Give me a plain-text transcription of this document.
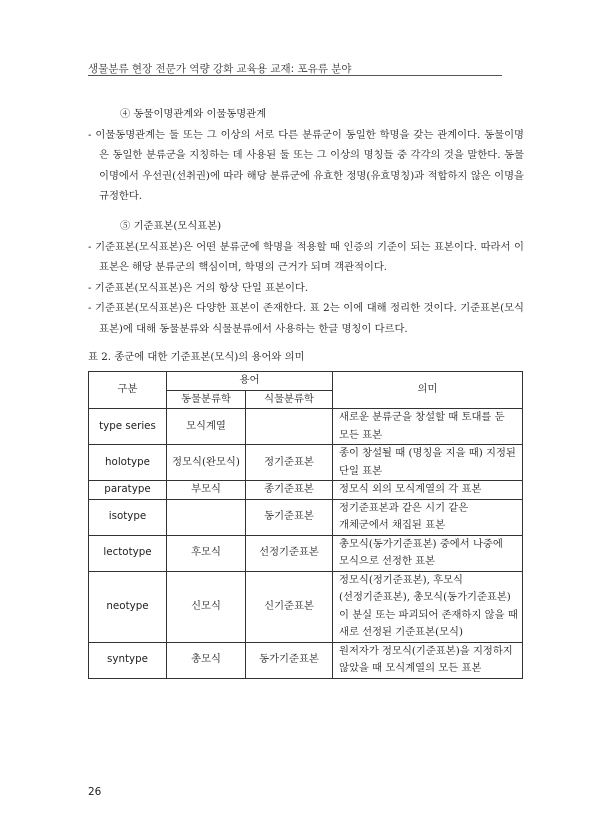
생물분류 현장 전문가 역량 강화 교육용 교재: 포유류 분야
④ 동물이명관계와 이물동명관계
- 이물동명관계는 둘 또는 그 이상의 서로 다른 분류군이 동일한 학명을 갖는 관계이다. 동물이명은 동일한 분류군을 지칭하는 데 사용된 둘 또는 그 이상의 명칭들 중 각각의 것을 말한다. 동물이명에서 우선권(선취권)에 따라 해당 분류군에 유효한 정명(유효명칭)과 적합하지 않은 이명을 규정한다.
⑤ 기준표본(모식표본)
- 기준표본(모식표본)은 어떤 분류군에 학명을 적용할 때 인증의 기준이 되는 표본이다. 따라서 이 표본은 해당 분류군의 핵심이며, 학명의 근거가 되며 객관적이다.
- 기준표본(모식표본)은 거의 항상 단일 표본이다.
- 기준표본(모식표본)은 다양한 표본이 존재한다. 표 2는 이에 대해 정리한 것이다. 기준표본(모식표본)에 대해 동물분류와 식물분류에서 사용하는 한글 명칭이 다르다.
표 2. 종군에 대한 기준표본(모식)의 용어와 의미
구분	용어		의미
	동물분류학	식물분류학	
type series	모식계열		새로운 분류군을 창설할 때 토대를 둔 모든 표본
holotype	정모식(완모식)	정기준표본	종이 창설될 때 (명칭을 지을 때) 지정된 단일 표본
paratype	부모식	종기준표본	정모식 외의 모식계열의 각 표본
isotype		동기준표본	정기준표본과 같은 시기 같은 개체군에서 채집된 표본
lectotype	후모식	선정기준표본	총모식(동가기준표본) 중에서 나중에 모식으로 선정한 표본
neotype	신모식	신기준표본	정모식(정기준표본), 후모식(선정기준표본), 총모식(동가기준표본)이 분실 또는 파괴되어 존재하지 않을 때 새로 선정된 기준표본(모식)
syntype	총모식	동가기준표본	원저자가 정모식(기준표본)을 지정하지 않았을 때 모식계열의 모든 표본
26
